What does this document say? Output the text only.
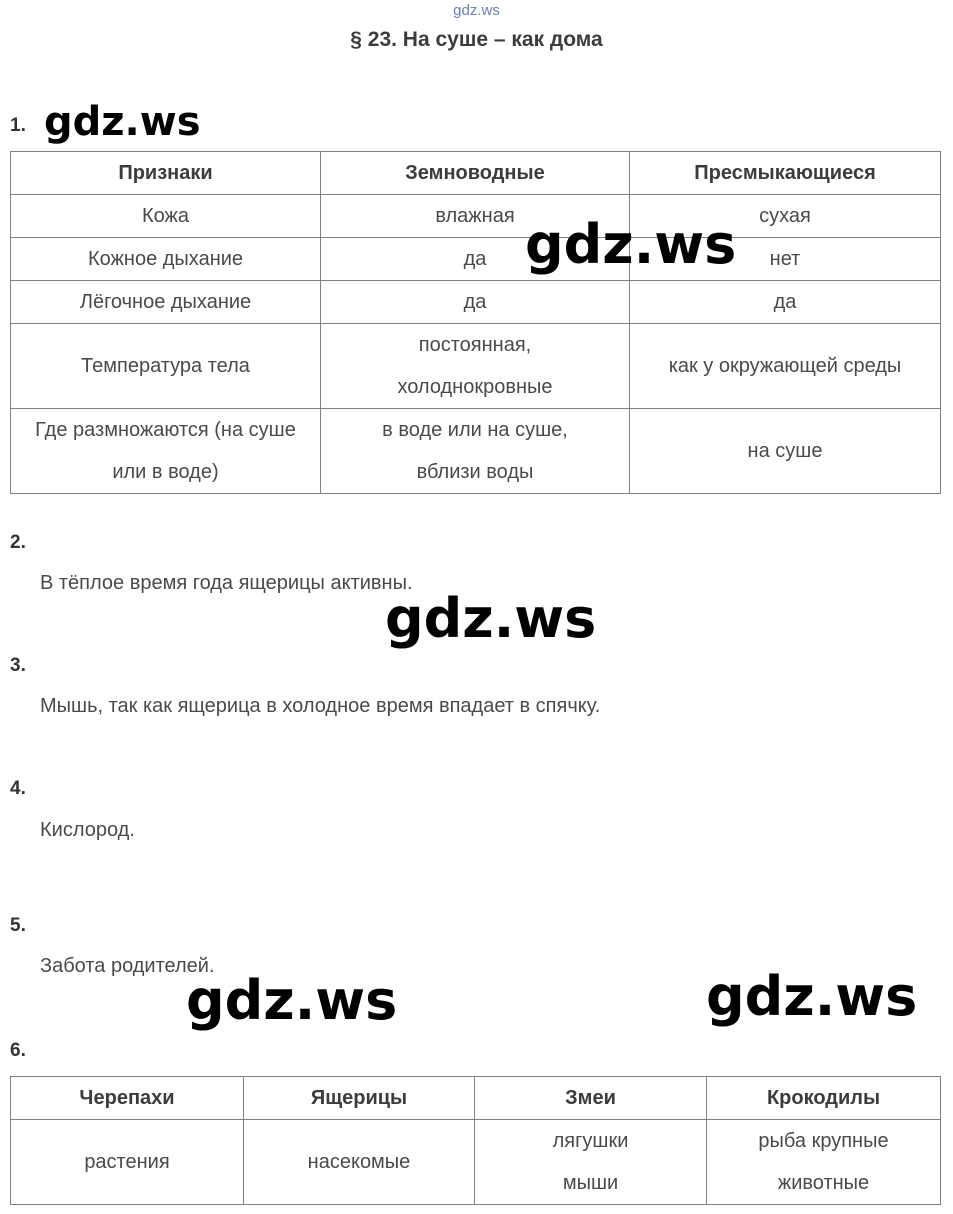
gdz.ws
§ 23. На суше – как дома
1. gdz.ws
Признаки	Земноводные	Пресмыкающиеся
Кожа	влажная	сухая
Кожное дыхание	да	нет
Лёгочное дыхание	да	да
Температура тела	постоянная, холоднокровные	как у окружающей среды
Где размножаются (на суше или в воде)	в воде или на суше, вблизи воды	на суше
gdz.ws
2.
В тёплое время года ящерицы активны.
gdz.ws
3.
Мышь, так как ящерица в холодное время впадает в спячку.
4.
Кислород.
5.
Забота родителей.
gdz.ws	gdz.ws
6.
Черепахи	Ящерицы	Змеи	Крокодилы
растения	насекомые	лягушки мыши	рыба крупные животные
